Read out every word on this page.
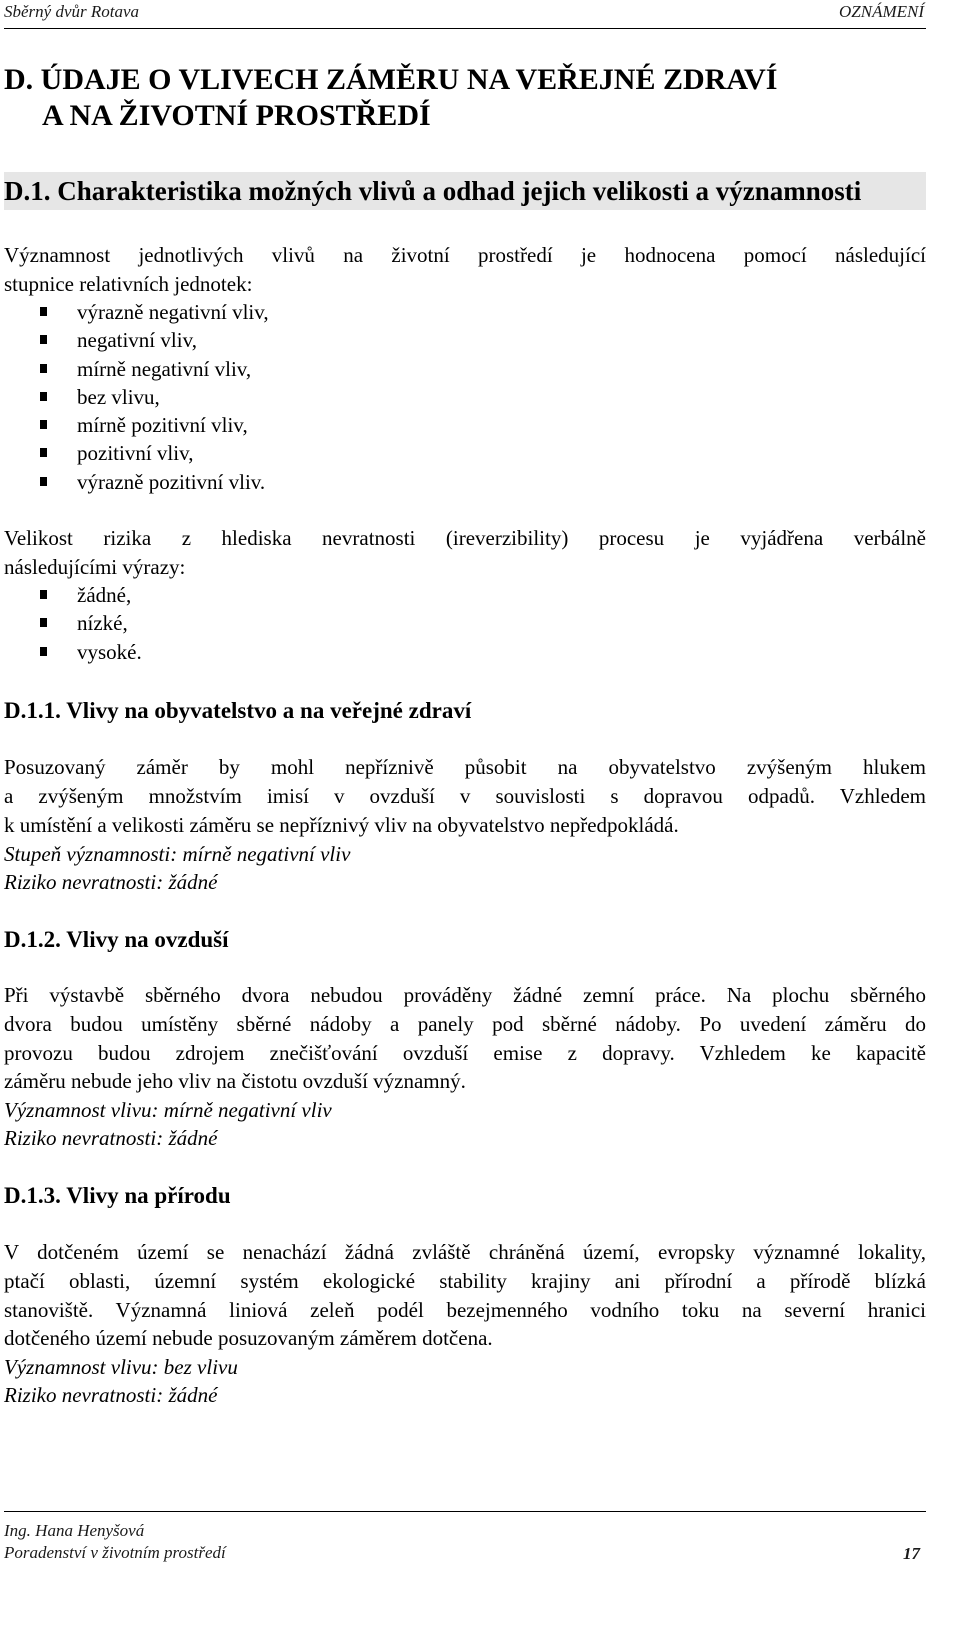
Sběrný dvůr Rotava	OZNÁMENÍ
D. ÚDAJE O VLIVECH ZÁMĚRU NA VEŘEJNÉ ZDRAVÍ
A NA ŽIVOTNÍ PROSTŘEDÍ
D.1. Charakteristika možných vlivů a odhad jejich velikosti a významnosti
Významnost jednotlivých vlivů na životní prostředí je hodnocena pomocí následující
stupnice relativních jednotek:
výrazně negativní vliv,
negativní vliv,
mírně negativní vliv,
bez vlivu,
mírně pozitivní vliv,
pozitivní vliv,
výrazně pozitivní vliv.
Velikost rizika z hlediska nevratnosti (ireverzibility) procesu je vyjádřena verbálně
následujícími výrazy:
žádné,
nízké,
vysoké.
D.1.1. Vlivy na obyvatelstvo a na veřejné zdraví
Posuzovaný záměr by mohl nepříznivě působit na obyvatelstvo zvýšeným hlukem
a zvýšeným množstvím imisí v ovzduší v souvislosti s dopravou odpadů. Vzhledem
k umístění a velikosti záměru se nepříznivý vliv na obyvatelstvo nepředpokládá.
Stupeň významnosti: mírně negativní vliv
Riziko nevratnosti: žádné
D.1.2. Vlivy na ovzduší
Při výstavbě sběrného dvora nebudou prováděny žádné zemní práce. Na plochu sběrného
dvora budou umístěny sběrné nádoby a panely pod sběrné nádoby. Po uvedení záměru do
provozu budou zdrojem znečišťování ovzduší emise z dopravy. Vzhledem ke kapacitě
záměru nebude jeho vliv na čistotu ovzduší významný.
Významnost vlivu: mírně negativní vliv
Riziko nevratnosti: žádné
D.1.3. Vlivy na přírodu
V dotčeném území se nenachází žádná zvláště chráněná území, evropsky významné lokality,
ptačí oblasti, územní systém ekologické stability krajiny ani přírodní a přírodě blízká
stanoviště. Významná liniová zeleň podél bezejmenného vodního toku na severní hranici
dotčeného území nebude posuzovaným záměrem dotčena.
Významnost vlivu: bez vlivu
Riziko nevratnosti: žádné
Ing. Hana Henyšová
Poradenství v životním prostředí	17
